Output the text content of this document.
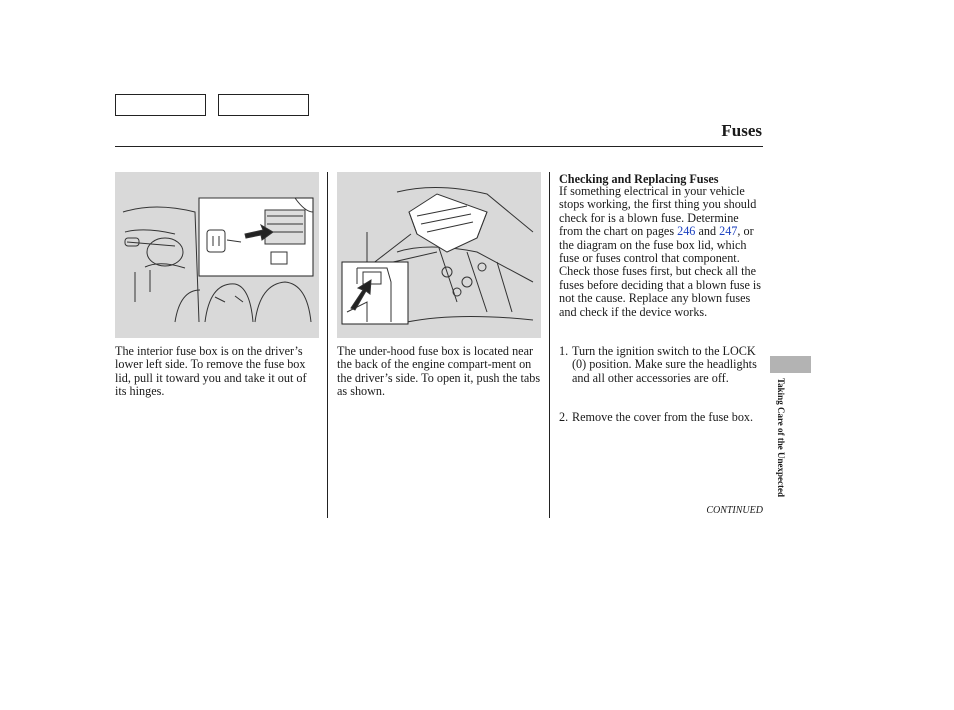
Fuses

The interior fuse box is on the driver’s lower left side. To remove the fuse box lid, pull it toward you and take it out of its hinges.

The under-hood fuse box is located near the back of the engine compart-ment on the driver’s side. To open it, push the tabs as shown.

Checking and Replacing Fuses

If something electrical in your vehicle stops working, the first thing you should check for is a blown fuse. Determine from the chart on pages 246 and 247, or the diagram on the fuse box lid, which fuse or fuses control that component. Check those fuses first, but check all the fuses before deciding that a blown fuse is not the cause. Replace any blown fuses and check if the device works.

1. Turn the ignition switch to the LOCK (0) position. Make sure the headlights and all other accessories are off.
2. Remove the cover from the fuse box.
CONTINUED
Taking Care of the Unexpected
